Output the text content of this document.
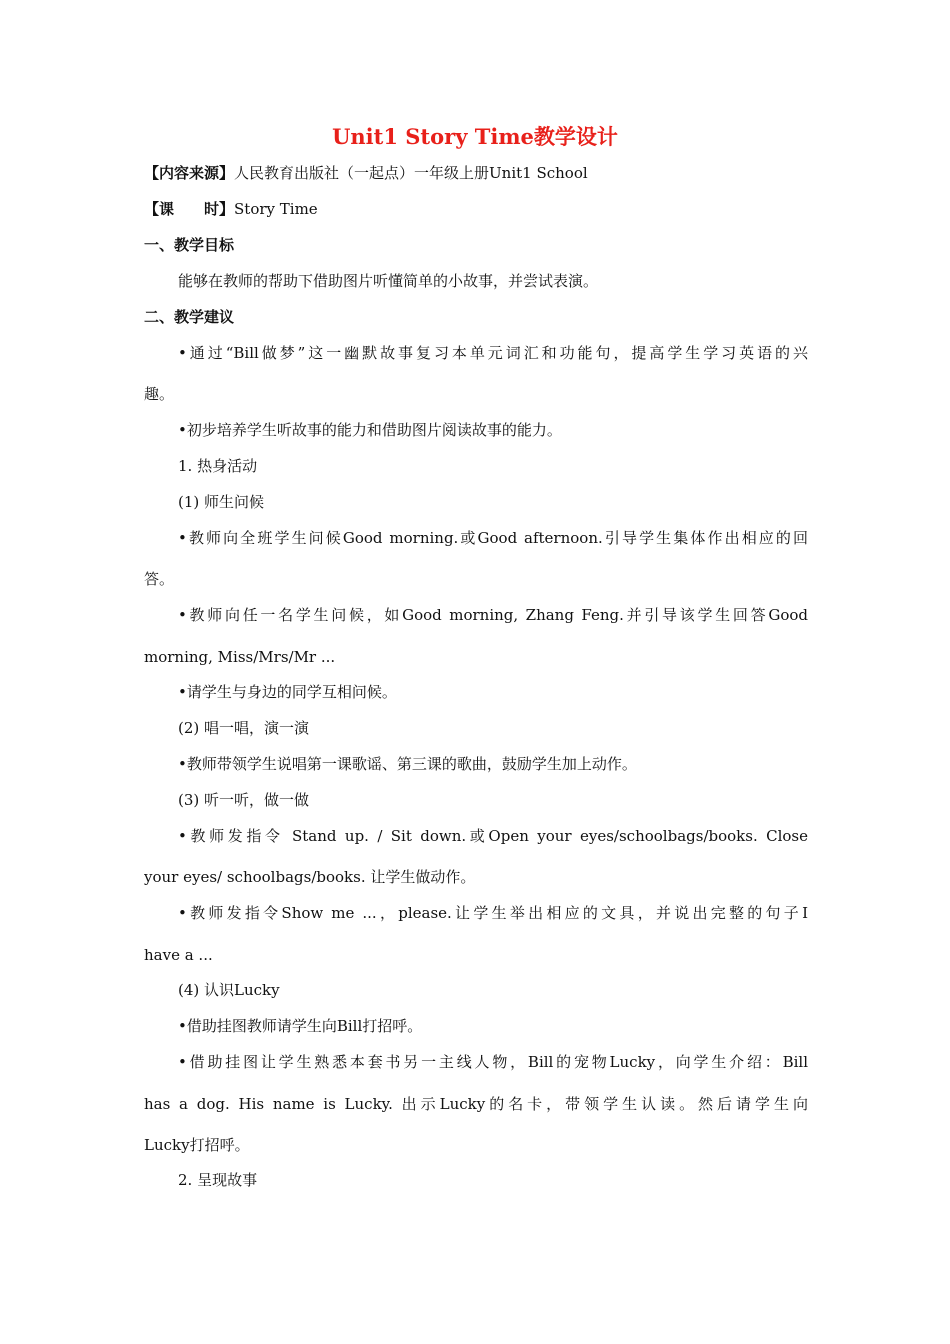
Unit1 Story Time教学设计
【内容来源】人民教育出版社（一起点）一年级上册Unit1 School
【课　　时】Story Time
一、教学目标
能够在教师的帮助下借助图片听懂简单的小故事，并尝试表演。
二、教学建议
•通过“Bill做梦”这一幽默故事复习本单元词汇和功能句，提高学生学习英语的兴
趣。
•初步培养学生听故事的能力和借助图片阅读故事的能力。
1. 热身活动
(1) 师生问候
•教师向全班学生问候Good morning.或Good afternoon.引导学生集体作出相应的回
答。
•教师向任一名学生问候，如Good morning, Zhang Feng.并引导该学生回答Good
morning, Miss/Mrs/Mr ...
•请学生与身边的同学互相问候。
(2) 唱一唱，演一演
•教师带领学生说唱第一课歌谣、第三课的歌曲，鼓励学生加上动作。
(3) 听一听，做一做
•教师发指令 Stand up. / Sit down.或Open your eyes/schoolbags/books. Close
your eyes/ schoolbags/books. 让学生做动作。
•教师发指令Show me ...，please.让学生举出相应的文具，并说出完整的句子I
have a ...
(4) 认识Lucky
•借助挂图教师请学生向Bill打招呼。
•借助挂图让学生熟悉本套书另一主线人物，Bill的宠物Lucky，向学生介绍：Bill
has a dog. His name is Lucky. 出示Lucky的名卡，带领学生认读。然后请学生向
Lucky打招呼。
2. 呈现故事
